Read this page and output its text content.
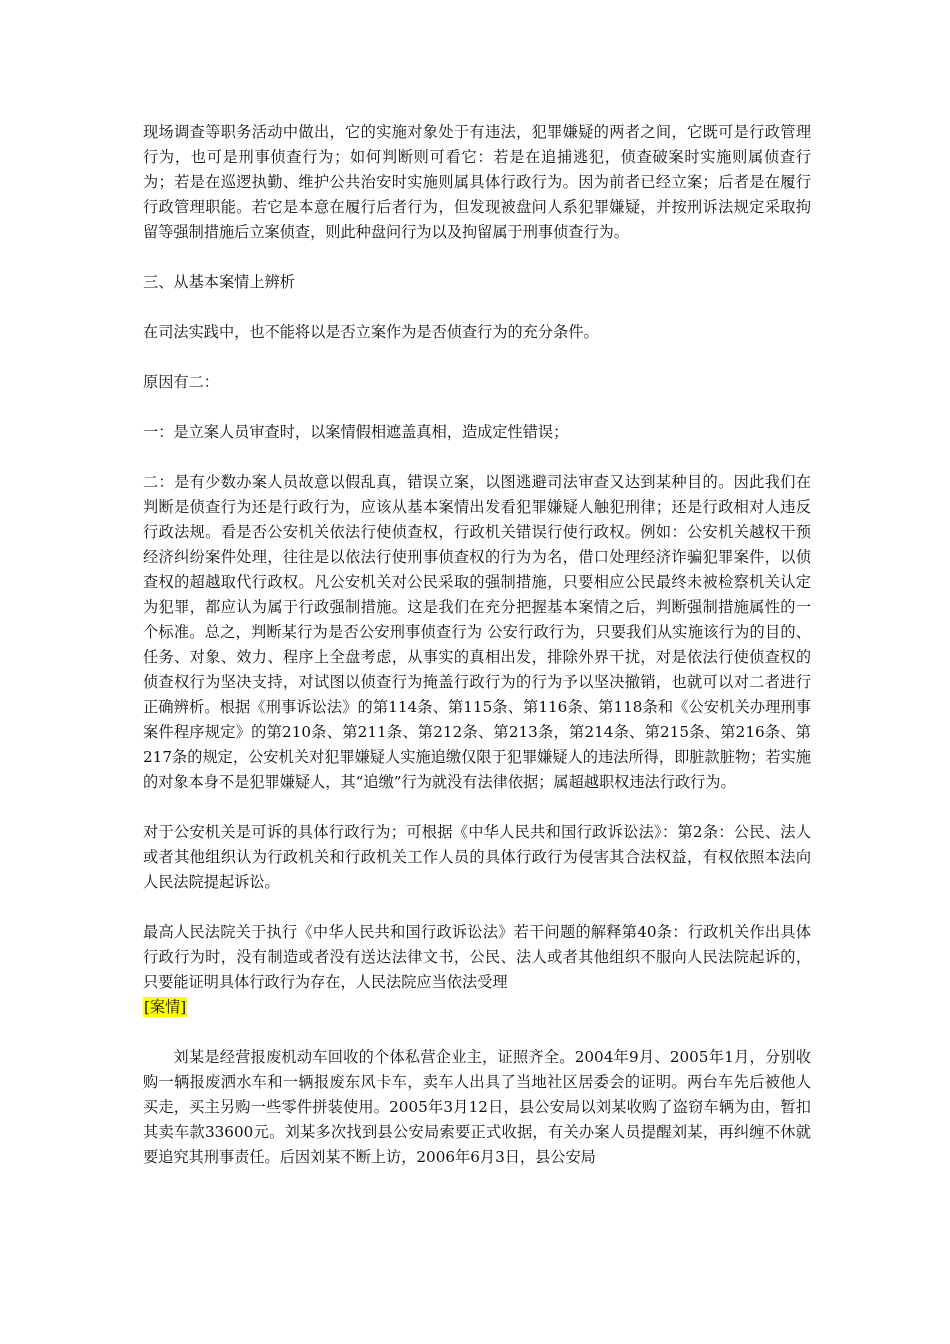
现场调查等职务活动中做出，它的实施对象处于有违法，犯罪嫌疑的两者之间，它既可是行政管理行为，也可是刑事侦查行为；如何判断则可看它：若是在追捕逃犯，侦查破案时实施则属侦查行为；若是在巡逻执勤、维护公共治安时实施则属具体行政行为。因为前者已经立案；后者是在履行行政管理职能。若它是本意在履行后者行为，但发现被盘问人系犯罪嫌疑，并按刑诉法规定采取拘留等强制措施后立案侦查，则此种盘问行为以及拘留属于刑事侦查行为。

三、从基本案情上辨析

在司法实践中，也不能将以是否立案作为是否侦查行为的充分条件。

原因有二：

一：是立案人员审查时，以案情假相遮盖真相，造成定性错误；

二：是有少数办案人员故意以假乱真，错误立案，以图逃避司法审查又达到某种目的。因此我们在判断是侦查行为还是行政行为，应该从基本案情出发看犯罪嫌疑人触犯刑律；还是行政相对人违反行政法规。看是否公安机关依法行使侦查权，行政机关错误行使行政权。例如：公安机关越权干预经济纠纷案件处理，往往是以依法行使刑事侦查权的行为为名，借口处理经济诈骗犯罪案件，以侦查权的超越取代行政权。凡公安机关对公民采取的强制措施，只要相应公民最终未被检察机关认定为犯罪，都应认为属于行政强制措施。这是我们在充分把握基本案情之后，判断强制措施属性的一个标准。总之，判断某行为是否公安刑事侦查行为 公安行政行为，只要我们从实施该行为的目的、任务、对象、效力、程序上全盘考虑，从事实的真相出发，排除外界干扰，对是依法行使侦查权的侦查权行为坚决支持，对试图以侦查行为掩盖行政行为的行为予以坚决撤销，也就可以对二者进行正确辨析。根据《刑事诉讼法》的第114条、第115条、第116条、第118条和《公安机关办理刑事案件程序规定》的第210条、第211条、第212条、第213条，第214条、第215条、第216条、第217条的规定，公安机关对犯罪嫌疑人实施追缴仅限于犯罪嫌疑人的违法所得，即脏款脏物；若实施的对象本身不是犯罪嫌疑人，其“追缴”行为就没有法律依据；属超越职权违法行政行为。

对于公安机关是可诉的具体行政行为；可根据《中华人民共和国行政诉讼法》：第2条：公民、法人或者其他组织认为行政机关和行政机关工作人员的具体行政行为侵害其合法权益，有权依照本法向人民法院提起诉讼。

最高人民法院关于执行《中华人民共和国行政诉讼法》若干问题的解释第40条：行政机关作出具体行政行为时，没有制造或者没有送达法律文书，公民、法人或者其他组织不服向人民法院起诉的，只要能证明具体行政行为存在，人民法院应当依法受理

[案情]

刘某是经营报废机动车回收的个体私营企业主，证照齐全。2004年9月、2005年1月，分别收购一辆报废洒水车和一辆报废东风卡车，卖车人出具了当地社区居委会的证明。两台车先后被他人买走，买主另购一些零件拼装使用。2005年3月12日，县公安局以刘某收购了盗窃车辆为由，暂扣其卖车款33600元。刘某多次找到县公安局索要正式收据，有关办案人员提醒刘某，再纠缠不休就要追究其刑事责任。后因刘某不断上访，2006年6月3日，县公安局
